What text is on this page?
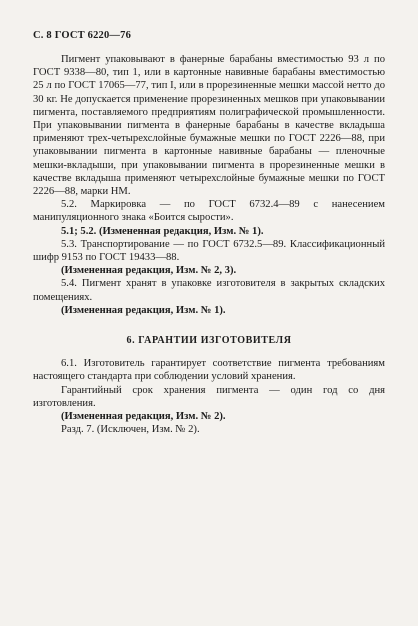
С. 8 ГОСТ 6220—76

Пигмент упаковывают в фанерные барабаны вместимостью 93 л по ГОСТ 9338—80, тип 1, или в картонные навивные барабаны вместимостью 25 л по ГОСТ 17065—77, тип I, или в прорезиненные мешки массой нетто до 30 кг. Не допускается применение прорезиненных мешков при упаковывании пигмента, поставляемого предприятиям полиграфической промышленности. При упаковывании пигмента в фанерные барабаны в качестве вкладыша применяют трех-четырехслойные бумажные мешки по ГОСТ 2226—88, при упаковывании пигмента в картонные навивные барабаны — пленочные мешки-вкладыши, при упаковывании пигмента в прорезиненные мешки в качестве вкладыша применяют четырехслойные бумажные мешки по ГОСТ 2226—88, марки НМ.

5.2. Маркировка — по ГОСТ 6732.4—89 с нанесением манипуляционного знака «Боится сырости».

5.1; 5.2. (Измененная редакция, Изм. № 1).

5.3. Транспортирование — по ГОСТ 6732.5—89. Классификационный шифр 9153 по ГОСТ 19433—88.

(Измененная редакция, Изм. № 2, 3).

5.4. Пигмент хранят в упаковке изготовителя в закрытых складских помещениях.

(Измененная редакция, Изм. № 1).

6. ГАРАНТИИ ИЗГОТОВИТЕЛЯ

6.1. Изготовитель гарантирует соответствие пигмента требованиям настоящего стандарта при соблюдении условий хранения.

Гарантийный срок хранения пигмента — один год со дня изготовления.

(Измененная редакция, Изм. № 2).

Разд. 7. (Исключен, Изм. № 2).
